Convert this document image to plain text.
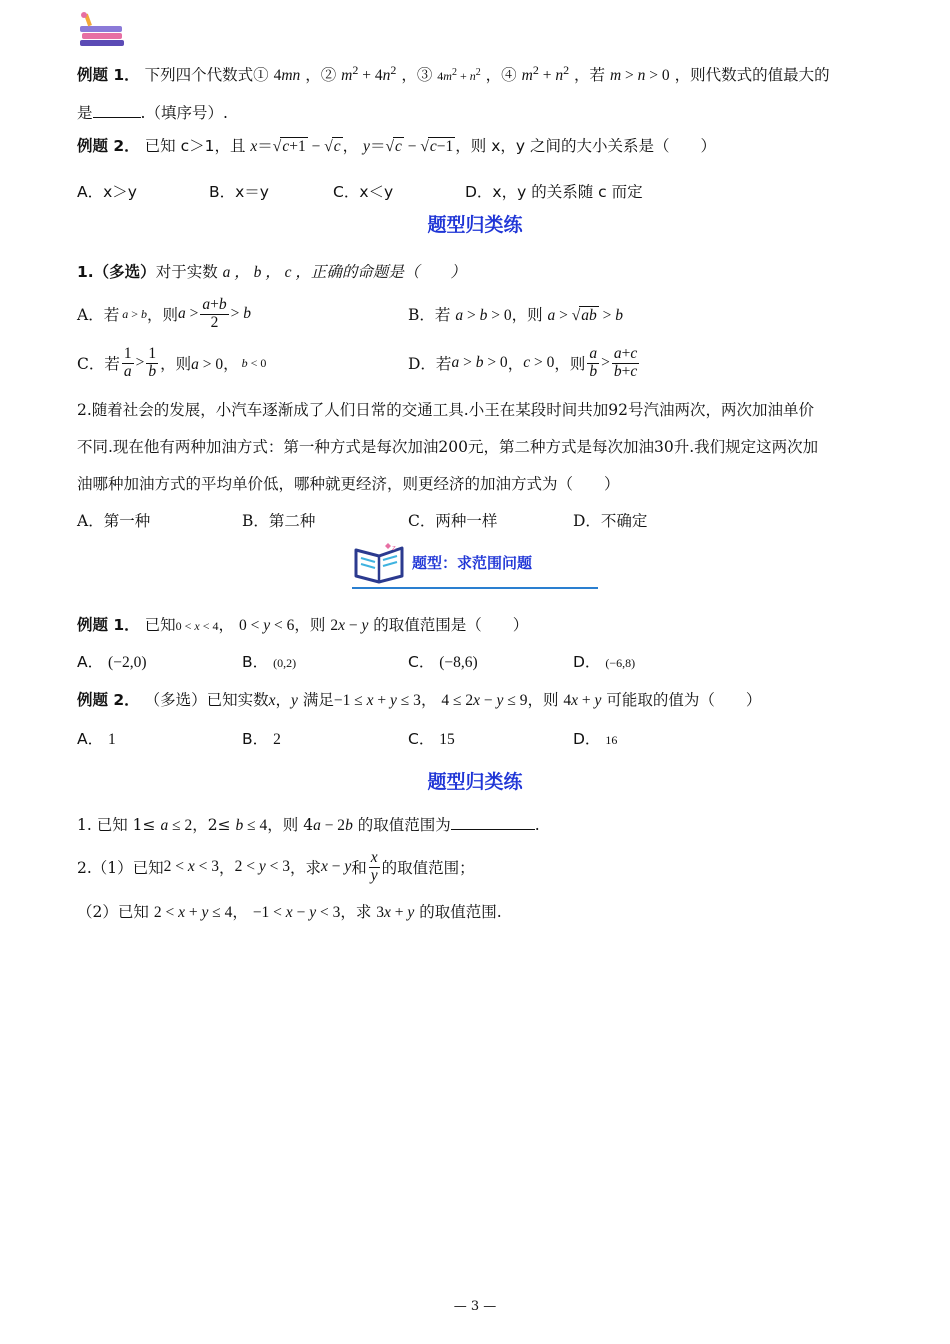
例题 1． 下列四个代数式① 4mn ，② $m^2 + 4n^2$ ，③ $4m^2 + n^2$ ，④ $m^2 + n^2$ ，若 m > n > 0 ，则代数式的值最大的
是	.（填序号）.
例题 2． 已知 c＞1，且 x＝√c+1 − √c ， y＝√c − √c−1 ，则 x，y 之间的大小关系是（　　）
A．x＞y	B．x＝y	C．x＜y	D．x，y 的关系随 c 而定
题型归类练
1.（多选）对于实数 a ， b ， c ，正确的命题是（　　）
A．若 a > b ，则 $a > \frac{a+b}{2} > b$	B．若 a > b > 0，则 a > √ab > b
C．若 $\frac{1}{a} > \frac{1}{b}$ ，则 a > 0， b < 0	D．若 a > b > 0 ， c > 0 ，则 $\frac{a}{b} > \frac{a+c}{b+c}$
2.随着社会的发展，小汽车逐渐成了人们日常的交通工具.小王在某段时间共加92号汽油两次，两次加油单价
不同.现在他有两种加油方式：第一种方式是每次加油200元，第二种方式是每次加油30升.我们规定这两次加
油哪种加油方式的平均单价低，哪种就更经济，则更经济的加油方式为（　　）
A．第一种	B．第二种	C．两种一样	D．不确定
z
题型：求范围问题
例题 1． 已知0 < x < 4， 0 < y < 6，则 2x − y 的取值范围是（　　）
A． (−2,0)	B． (0,2)	C． (−8,6)	D． (−6,8)
例题 2． （多选）已知实数x，y 满足−1 ≤ x + y ≤ 3， 4 ≤ 2x − y ≤ 9，则 4x + y 可能取的值为（　　）
A． 1	B． 2	C． 15	D． 16
题型归类练
1. 已知 1≤ a ≤ 2，2≤ b ≤ 4，则 4a − 2b 的取值范围为	.
2.（1）已知 2 < x < 3 ， 2 < y < 3 ，求 x − y 和 $\frac{x}{y}$ 的取值范围；
（2）已知 2 < x + y ≤ 4， −1 < x − y < 3，求 3x + y 的取值范围.
— 3 —
